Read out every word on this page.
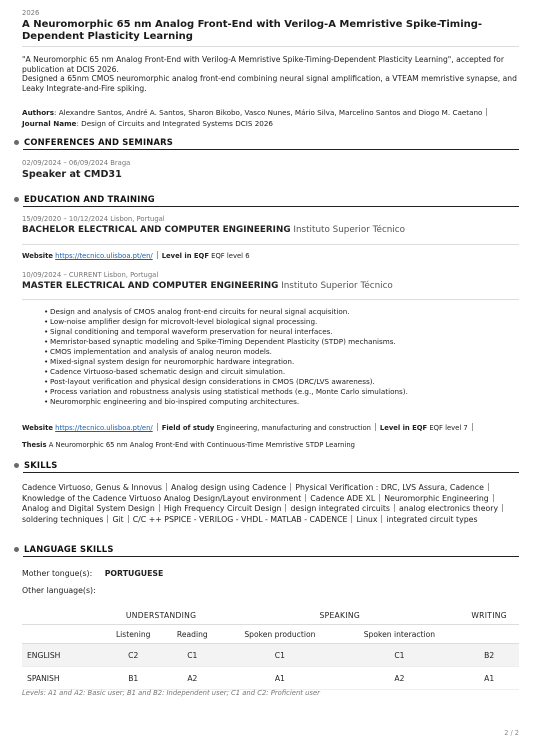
2026
A Neuromorphic 65 nm Analog Front-End with Verilog-A Memristive Spike-Timing-Dependent Plasticity Learning
"A Neuromorphic 65 nm Analog Front-End with Verilog-A Memristive Spike-Timing-Dependent Plasticity Learning", accepted for publication at DCIS 2026.
Designed a 65nm CMOS neuromorphic analog front-end combining neural signal amplification, a VTEAM memristive synapse, and Leaky Integrate-and-Fire spiking.
Authors: Alexandre Santos, André A. Santos, Sharon Bikobo, Vasco Nunes, Mário Silva, Marcelino Santos and Diogo M. Caetano
Journal Name: Design of Circuits and Integrated Systems DCIS 2026
CONFERENCES AND SEMINARS
02/09/2024 – 06/09/2024 Braga
Speaker at CMD31
EDUCATION AND TRAINING
15/09/2020 – 10/12/2024 Lisbon, Portugal
BACHELOR ELECTRICAL AND COMPUTER ENGINEERING Instituto Superior Técnico
Website https://tecnico.ulisboa.pt/en/ Level in EQF EQF level 6
10/09/2024 – CURRENT Lisbon, Portugal
MASTER ELECTRICAL AND COMPUTER ENGINEERING Instituto Superior Técnico
• Design and analysis of CMOS analog front-end circuits for neural signal acquisition.
• Low-noise amplifier design for microvolt-level biological signal processing.
• Signal conditioning and temporal waveform preservation for neural interfaces.
• Memristor-based synaptic modeling and Spike-Timing Dependent Plasticity (STDP) mechanisms.
• CMOS implementation and analysis of analog neuron models.
• Mixed-signal system design for neuromorphic hardware integration.
• Cadence Virtuoso-based schematic design and circuit simulation.
• Post-layout verification and physical design considerations in CMOS (DRC/LVS awareness).
• Process variation and robustness analysis using statistical methods (e.g., Monte Carlo simulations).
• Neuromorphic engineering and bio-inspired computing architectures.
Website https://tecnico.ulisboa.pt/en/ Field of study Engineering, manufacturing and construction Level in EQF EQF level 7
Thesis A Neuromorphic 65 nm Analog Front-End with Continuous-Time Memristive STDP Learning
SKILLS
Cadence Virtuoso, Genus & Innovus Analog design using Cadence Physical Verification : DRC, LVS Assura, CadenceKnowledge of the Cadence Virtuoso Analog Design/Layout environment Cadence ADE XL Neuromorphic EngineeringAnalog and Digital System Design High Frequency Circuit Design design integrated circuits analog electronics theorysoldering techniques Git C/C ++ PSPICE - VERILOG - VHDL - MATLAB - CADENCE Linux integrated circuit types
LANGUAGE SKILLS
Mother tongue(s): PORTUGUESE
Other language(s):
	UNDERSTANDING		SPEAKING		WRITING
	Listening	Reading	Spoken production	Spoken interaction	
ENGLISH	C2	C1	C1	C1	B2
SPANISH	B1	A2	A1	A2	A1
Levels: A1 and A2: Basic user; B1 and B2: Independent user; C1 and C2: Proficient user
2 / 2
